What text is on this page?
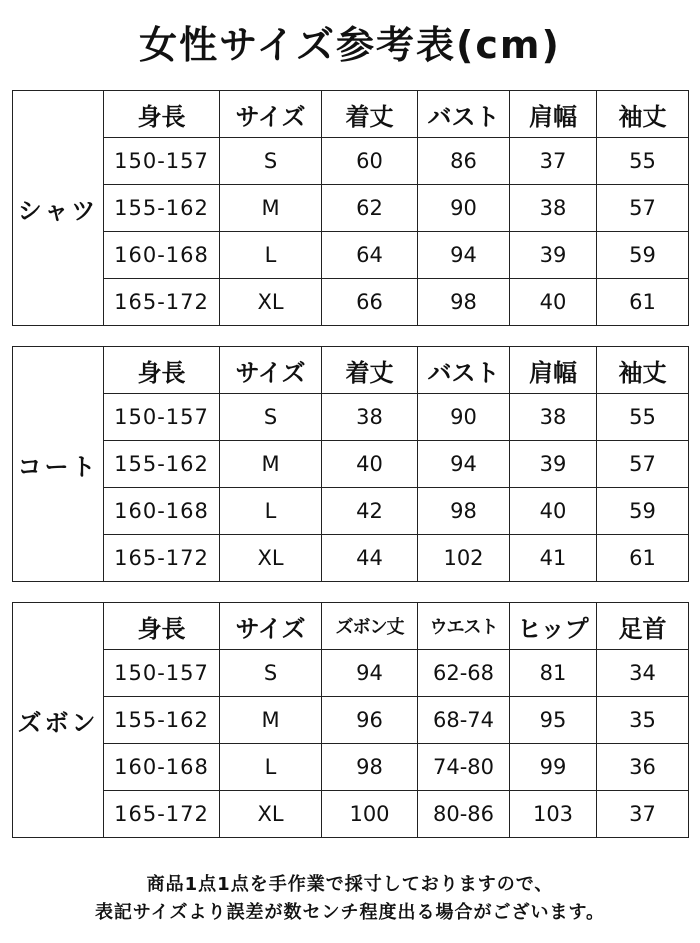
女性サイズ参考表(cm)
シャツ	身長	サイズ	着丈	バスト	肩幅	袖丈
	150-157	S	60	86	37	55
	155-162	M	62	90	38	57
	160-168	L	64	94	39	59
	165-172	XL	66	98	40	61
コート	身長	サイズ	着丈	バスト	肩幅	袖丈
	150-157	S	38	90	38	55
	155-162	M	40	94	39	57
	160-168	L	42	98	40	59
	165-172	XL	44	102	41	61
ズボン	身長	サイズ	ズボン丈	ウエスト	ヒップ	足首
	150-157	S	94	62-68	81	34
	155-162	M	96	68-74	95	35
	160-168	L	98	74-80	99	36
	165-172	XL	100	80-86	103	37
商品1点1点を手作業で採寸しておりますので、
表記サイズより誤差が数センチ程度出る場合がございます。
